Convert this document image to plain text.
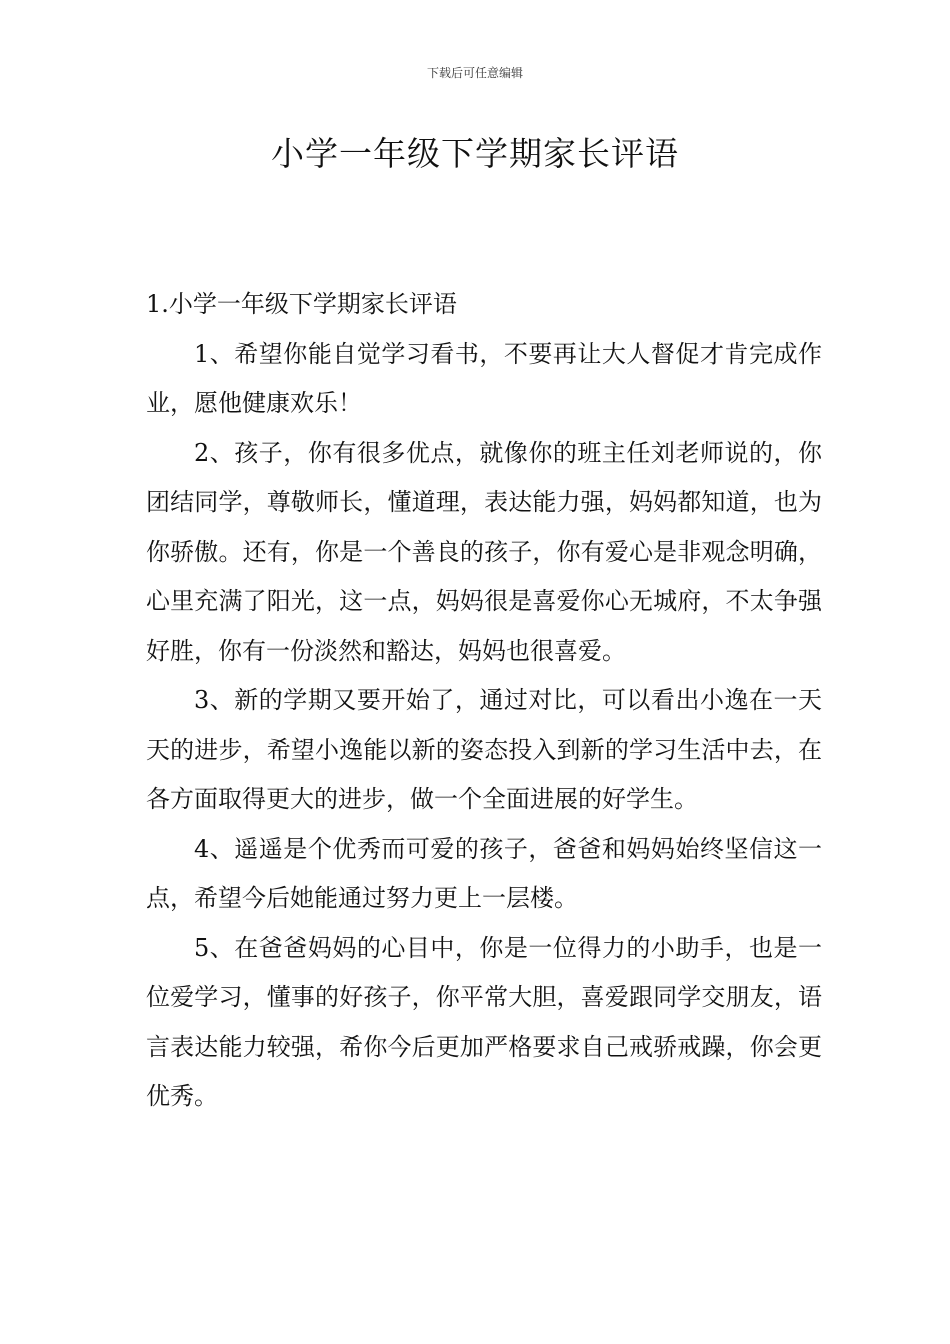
下载后可任意编辑
小学一年级下学期家长评语

1.小学一年级下学期家长评语

1、希望你能自觉学习看书，不要再让大人督促才肯完成作业，愿他健康欢乐！

2、孩子，你有很多优点，就像你的班主任刘老师说的，你团结同学，尊敬师长，懂道理，表达能力强，妈妈都知道，也为你骄傲。还有，你是一个善良的孩子，你有爱心是非观念明确，心里充满了阳光，这一点，妈妈很是喜爱你心无城府，不太争强好胜，你有一份淡然和豁达，妈妈也很喜爱。

3、新的学期又要开始了，通过对比，可以看出小逸在一天天的进步，希望小逸能以新的姿态投入到新的学习生活中去，在各方面取得更大的进步，做一个全面进展的好学生。

4、遥遥是个优秀而可爱的孩子，爸爸和妈妈始终坚信这一点，希望今后她能通过努力更上一层楼。

5、在爸爸妈妈的心目中，你是一位得力的小助手，也是一位爱学习，懂事的好孩子，你平常大胆，喜爱跟同学交朋友，语言表达能力较强，希你今后更加严格要求自己戒骄戒躁，你会更优秀。
